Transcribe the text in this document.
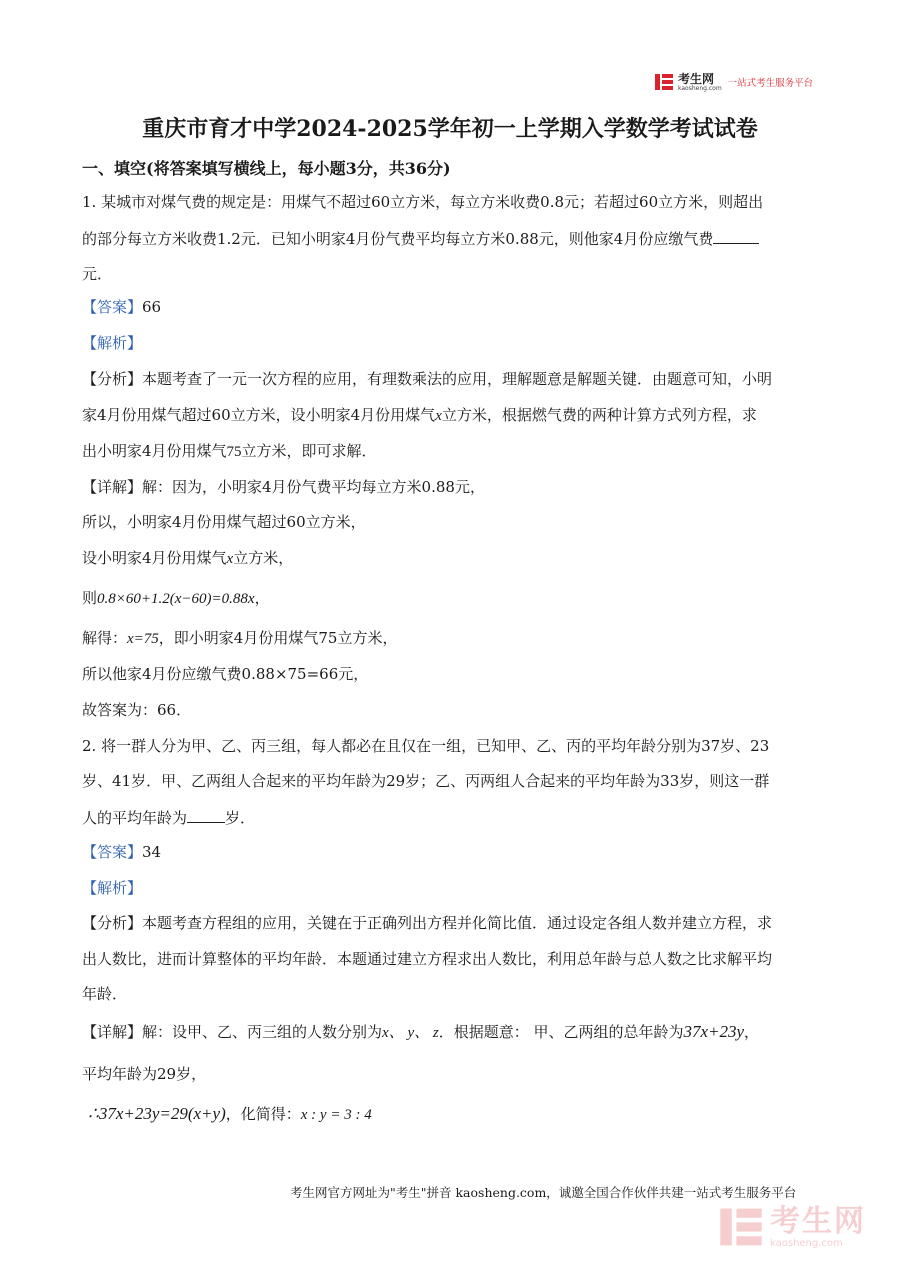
考生网
kaosheng.com 一站式考生服务平台
重庆市育才中学2024-2025学年初一上学期入学数学考试试卷
一、填空(将答案填写横线上，每小题3分，共36分)
1. 某城市对煤气费的规定是：用煤气不超过60立方米，每立方米收费0.8元；若超过60立方米，则超出
的部分每立方米收费1.2元．已知小明家4月份气费平均每立方米0.88元，则他家4月份应缴气费
元．
【答案】66
【解析】
【分析】本题考查了一元一次方程的应用，有理数乘法的应用，理解题意是解题关键．由题意可知，小明
家4月份用煤气超过60立方米，设小明家4月份用煤气x立方米，根据燃气费的两种计算方式列方程，求
出小明家4月份用煤气75立方米，即可求解．
【详解】解：因为，小明家4月份气费平均每立方米0.88元，
所以，小明家4月份用煤气超过60立方米，
设小明家4月份用煤气x立方米，
则0.8×60+1.2(x−60)=0.88x，
解得：x=75，即小明家4月份用煤气75立方米，
所以他家4月份应缴气费0.88×75=66元，
故答案为：66．
2. 将一群人分为甲、乙、丙三组，每人都必在且仅在一组，已知甲、乙、丙的平均年龄分别为37岁、23
岁、41岁．甲、乙两组人合起来的平均年龄为29岁；乙、丙两组人合起来的平均年龄为33岁，则这一群
人的平均年龄为	岁．
【答案】34
【解析】
【分析】本题考查方程组的应用，关键在于正确列出方程并化简比值．通过设定各组人数并建立方程，求
出人数比，进而计算整体的平均年龄．本题通过建立方程求出人数比，利用总年龄与总人数之比求解平均
年龄．
【详解】解：设甲、乙、丙三组的人数分别为x、 y、 z．根据题意： 甲、乙两组的总年龄为37x+23y，
平均年龄为29岁，
∴37x+23y=29(x+y)，化简得：x : y = 3 : 4
考生网官方网址为"考生"拼音 kaosheng.com，诚邀全国合作伙伴共建一站式考生服务平台
考生网
kaosheng.com
